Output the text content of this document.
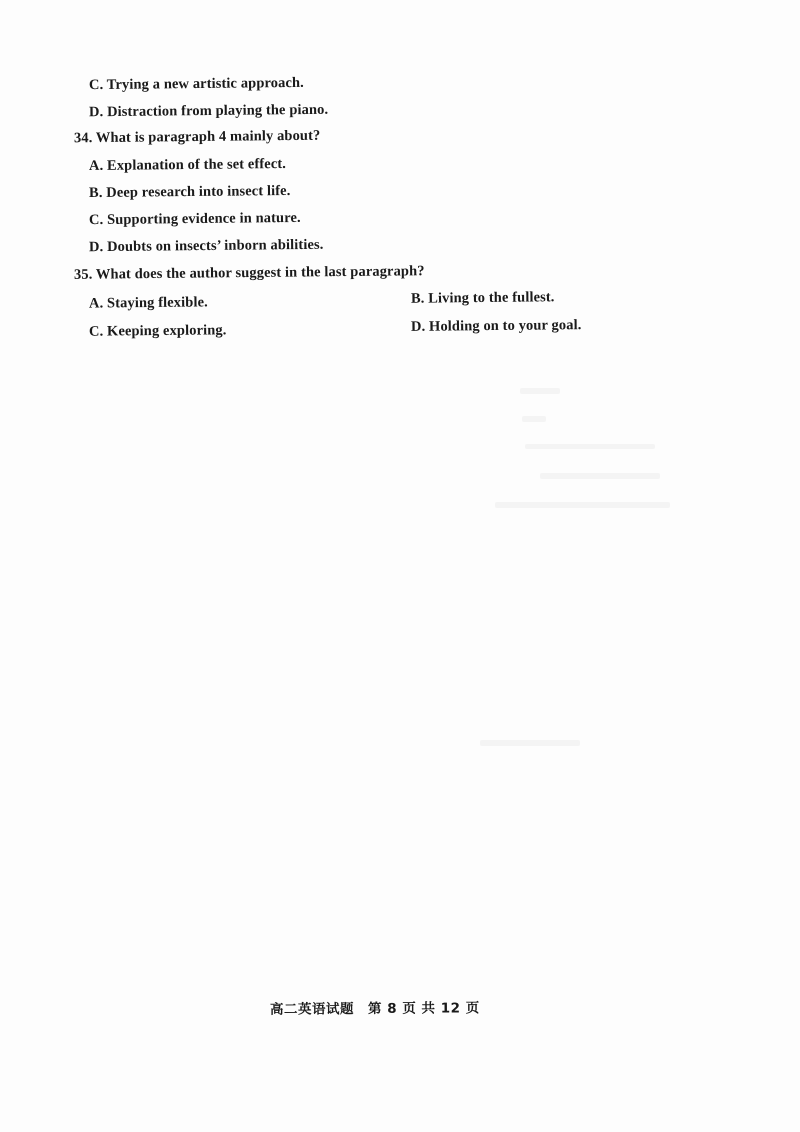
C. Trying a new artistic approach.
D. Distraction from playing the piano.
34. What is paragraph 4 mainly about?
A. Explanation of the set effect.
B. Deep research into insect life.
C. Supporting evidence in nature.
D. Doubts on insects’ inborn abilities.
35. What does the author suggest in the last paragraph?
A. Staying flexible.	B. Living to the fullest.
C. Keeping exploring.	D. Holding on to your goal.
高二英语试题　第 8 页 共 12 页
